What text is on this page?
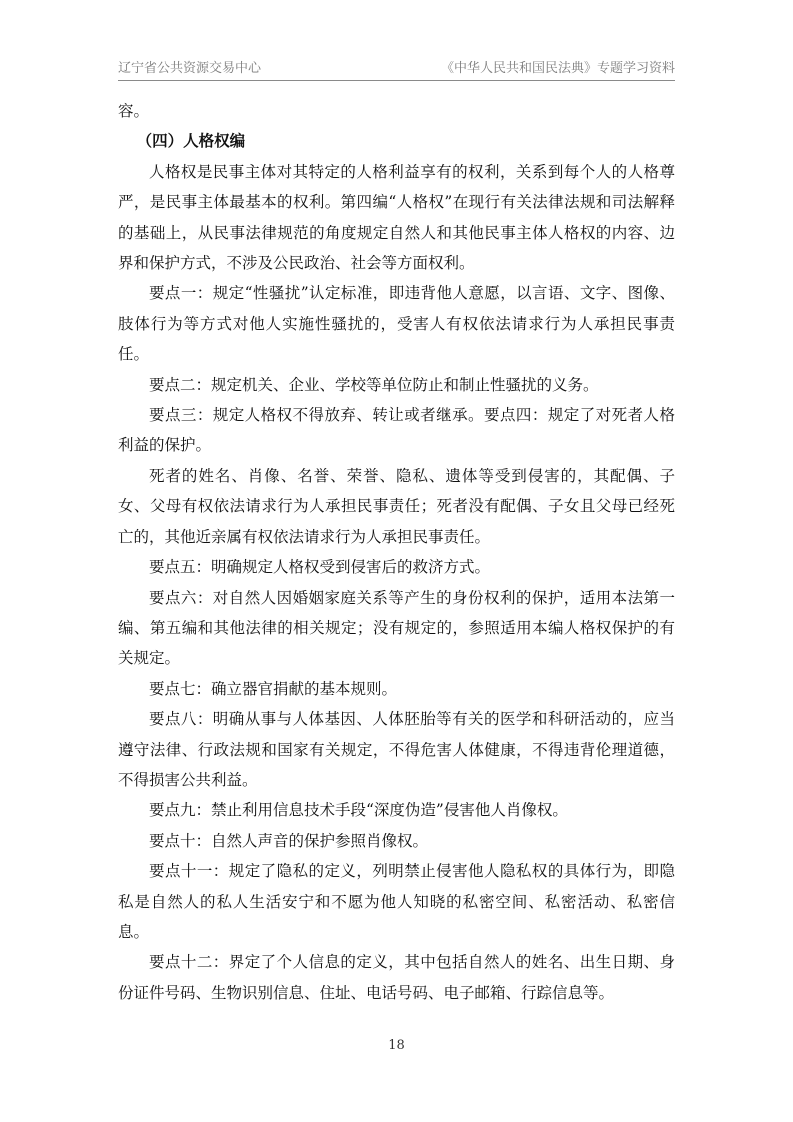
辽宁省公共资源交易中心	《中华人民共和国民法典》专题学习资料

容。

（四）人格权编

人格权是民事主体对其特定的人格利益享有的权利，关系到每个人的人格尊严，是民事主体最基本的权利。第四编“人格权”在现行有关法律法规和司法解释的基础上，从民事法律规范的角度规定自然人和其他民事主体人格权的内容、边界和保护方式，不涉及公民政治、社会等方面权利。

要点一：规定“性骚扰”认定标准，即违背他人意愿，以言语、文字、图像、肢体行为等方式对他人实施性骚扰的，受害人有权依法请求行为人承担民事责任。

要点二：规定机关、企业、学校等单位防止和制止性骚扰的义务。

要点三：规定人格权不得放弃、转让或者继承。要点四：规定了对死者人格利益的保护。

死者的姓名、肖像、名誉、荣誉、隐私、遗体等受到侵害的，其配偶、子女、父母有权依法请求行为人承担民事责任；死者没有配偶、子女且父母已经死亡的，其他近亲属有权依法请求行为人承担民事责任。

要点五：明确规定人格权受到侵害后的救济方式。

要点六：对自然人因婚姻家庭关系等产生的身份权利的保护，适用本法第一编、第五编和其他法律的相关规定；没有规定的，参照适用本编人格权保护的有关规定。

要点七：确立器官捐献的基本规则。

要点八：明确从事与人体基因、人体胚胎等有关的医学和科研活动的，应当遵守法律、行政法规和国家有关规定，不得危害人体健康，不得违背伦理道德，不得损害公共利益。

要点九：禁止利用信息技术手段“深度伪造”侵害他人肖像权。

要点十：自然人声音的保护参照肖像权。

要点十一：规定了隐私的定义，列明禁止侵害他人隐私权的具体行为，即隐私是自然人的私人生活安宁和不愿为他人知晓的私密空间、私密活动、私密信息。

要点十二：界定了个人信息的定义，其中包括自然人的姓名、出生日期、身份证件号码、生物识别信息、住址、电话号码、电子邮箱、行踪信息等。

18
